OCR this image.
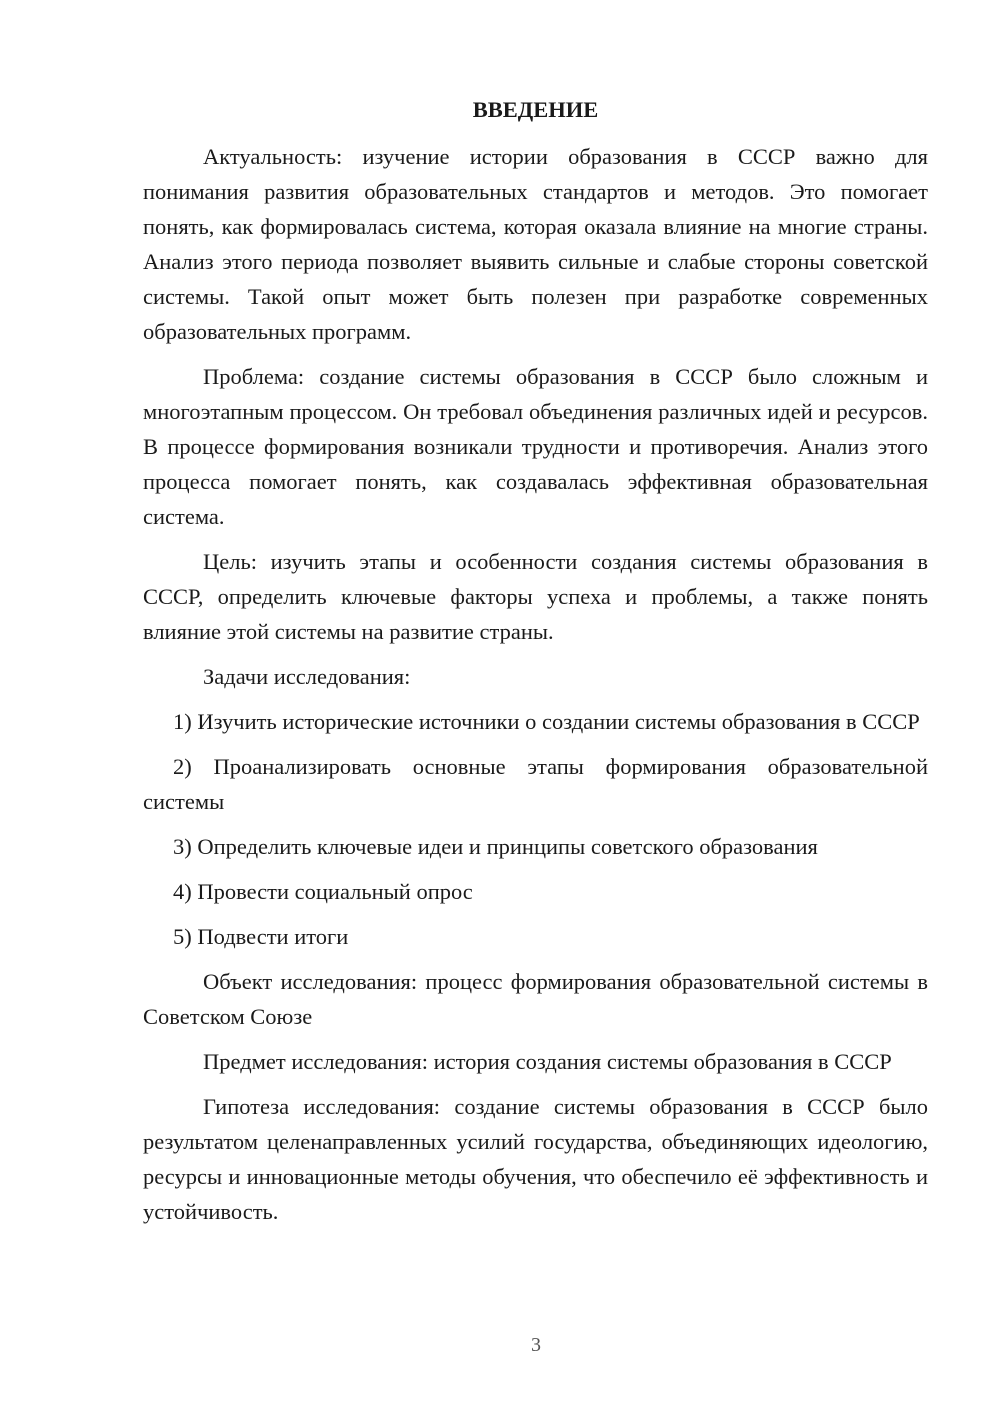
ВВЕДЕНИЕ

Актуальность: изучение истории образования в СССР важно для понимания развития образовательных стандартов и методов. Это помогает понять, как формировалась система, которая оказала влияние на многие страны. Анализ этого периода позволяет выявить сильные и слабые стороны советской системы. Такой опыт может быть полезен при разработке современных образовательных программ.

Проблема: создание системы образования в СССР было сложным и многоэтапным процессом. Он требовал объединения различных идей и ресурсов. В процессе формирования возникали трудности и противоречия. Анализ этого процесса помогает понять, как создавалась эффективная образовательная система.

Цель: изучить этапы и особенности создания системы образования в СССР, определить ключевые факторы успеха и проблемы, а также понять влияние этой системы на развитие страны.

Задачи исследования:

1) Изучить исторические источники о создании системы образования в СССР

2) Проанализировать основные этапы формирования образовательной системы

3) Определить ключевые идеи и принципы советского образования

4) Провести социальный опрос

5) Подвести итоги

Объект исследования: процесс формирования образовательной системы в Советском Союзе

Предмет исследования: история создания системы образования в СССР

Гипотеза исследования: создание системы образования в СССР было результатом целенаправленных усилий государства, объединяющих идеологию, ресурсы и инновационные методы обучения, что обеспечило её эффективность и устойчивость.

3
